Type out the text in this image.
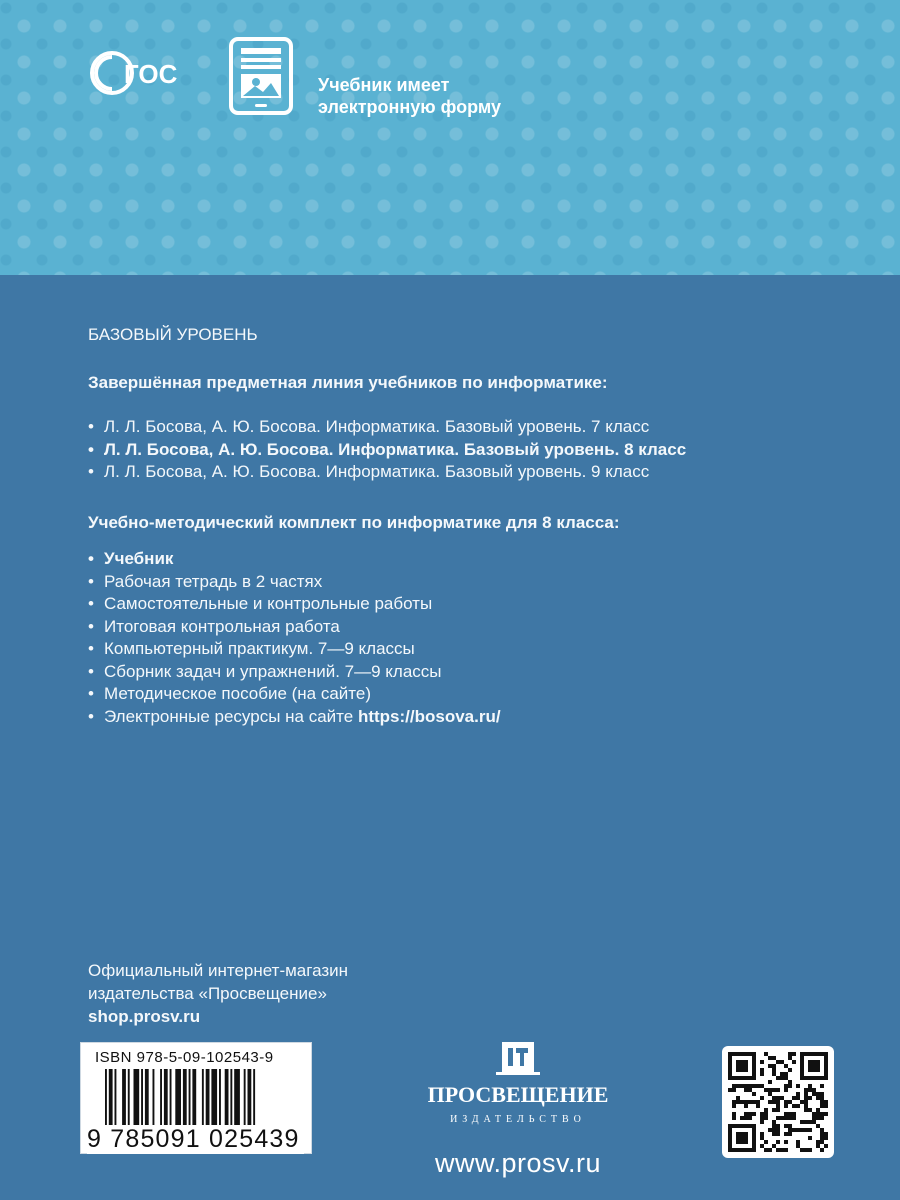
ГОС	Учебник имеет
электронную форму
БАЗОВЫЙ УРОВЕНЬ
Завершённая предметная линия учебников по информатике:
• Л. Л. Босова, А. Ю. Босова. Информатика. Базовый уровень. 7 класс
• Л. Л. Босова, А. Ю. Босова. Информатика. Базовый уровень. 8 класс
• Л. Л. Босова, А. Ю. Босова. Информатика. Базовый уровень. 9 класс
Учебно-методический комплект по информатике для 8 класса:
• Учебник
• Рабочая тетрадь в 2 частях
• Самостоятельные и контрольные работы
• Итоговая контрольная работа
• Компьютерный практикум. 7—9 классы
• Сборник задач и упражнений. 7—9 классы
• Методическое пособие (на сайте)
• Электронные ресурсы на сайте https://bosova.ru/
Официальный интернет-магазин
издательства «Просвещение»
shop.prosv.ru
ISBN 978-5-09-102543-9
9 785091 025439
ПРОСВЕЩЕНИЕ
ИЗДАТЕЛЬСТВО
www.prosv.ru
